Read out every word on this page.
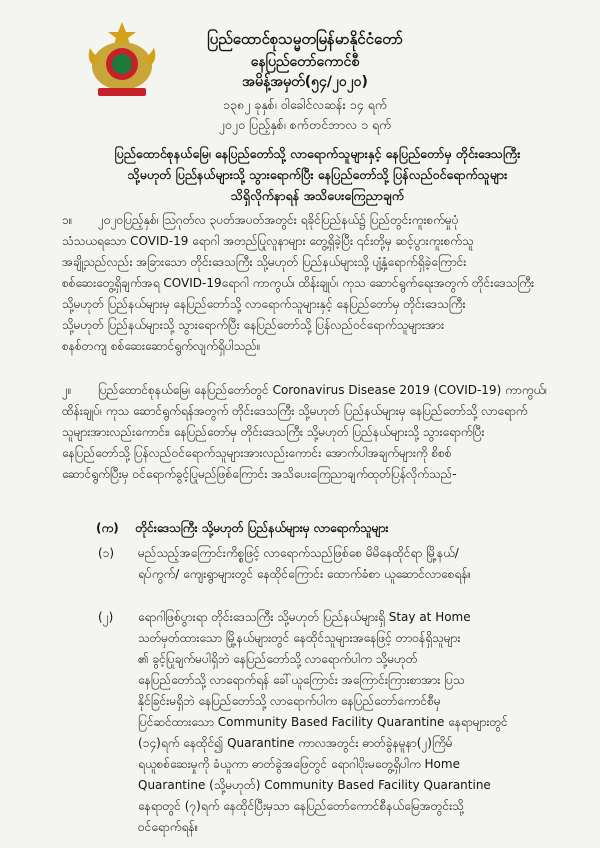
ပြည်ထောင်စုသမ္မတမြန်မာနိုင်ငံတော်
နေပြည်တော်ကောင်စီ
အမိန့်အမှတ်(၅၄/၂၀၂၀)
၁၃၈၂ ခုနှစ်၊ ဝါခေါင်လဆန်း ၁၄ ရက်
၂၀၂၀ ပြည့်နှစ်၊ စက်တင်ဘာလ ၁ ရက်
ပြည်ထောင်စုနယ်မြေ၊ နေပြည်တော်သို့ လာရောက်သူများနှင့် နေပြည်တော်မှ တိုင်းဒေသကြီး
သို့မဟုတ် ပြည်နယ်များသို့ သွားရောက်ပြီး နေပြည်တော်သို့ ပြန်လည်ဝင်ရောက်သူများ
သိရှိလိုက်နာရန် အသိပေးကြေညာချက်
၁။ ၂၀၂၀ပြည့်နှစ်၊ ဩဂုတ်လ ၃ပတ်အပတ်အတွင်း ရခိုင်ပြည်နယ်၌ ပြည်တွင်းကူးစက်မှုပုံ
သံသယရသော COVID-19 ရောဂါ အတည်ပြုလူနာများ တွေ့ရှိခဲ့ပြီး ၎င်းတို့မှ ဆင့်ပွားကူးစက်သူ
အချို့သည်လည်း အခြားသော တိုင်းဒေသကြီး သို့မဟုတ် ပြည်နယ်များသို့ ပျံ့နှံ့ရောက်ရှိခဲ့ကြောင်း
စစ်ဆေးတွေ့ရှိချက်အရ COVID-19ရောဂါ ကာကွယ်၊ ထိန်းချုပ်၊ ကုသ ဆောင်ရွက်ရေးအတွက် တိုင်းဒေသကြီး
သို့မဟုတ် ပြည်နယ်များမှ နေပြည်တော်သို့ လာရောက်သူများနှင့် နေပြည်တော်မှ တိုင်းဒေသကြီး
သို့မဟုတ် ပြည်နယ်များသို့ သွားရောက်ပြီး နေပြည်တော်သို့ ပြန်လည်ဝင်ရောက်သူများအား
စနစ်တကျ စစ်ဆေးဆောင်ရွက်လျက်ရှိပါသည်။
၂။ ပြည်ထောင်စုနယ်မြေ၊ နေပြည်တော်တွင် Coronavirus Disease 2019 (COVID-19) ကာကွယ်၊
ထိန်းချုပ်၊ ကုသ ဆောင်ရွက်ရန်အတွက် တိုင်းဒေသကြီး သို့မဟုတ် ပြည်နယ်များမှ နေပြည်တော်သို့ လာရောက်
သူများအားလည်းကောင်း၊ နေပြည်တော်မှ တိုင်းဒေသကြီး သို့မဟုတ် ပြည်နယ်များသို့ သွားရောက်ပြီး
နေပြည်တော်သို့ ပြန်လည်ဝင်ရောက်သူများအားလည်းကောင်း အောက်ပါအချက်များကို စိစစ်
ဆောင်ရွက်ပြီးမှ ဝင်ရောက်ခွင့်ပြုမည်ဖြစ်ကြောင်း အသိပေးကြေညာချက်ထုတ်ပြန်လိုက်သည်-
(က) တိုင်းဒေသကြီး သို့မဟုတ် ပြည်နယ်များမှ လာရောက်သူများ
(၁) မည်သည့်အကြောင်းကိစ္စဖြင့် လာရောက်သည်ဖြစ်စေ မိမိနေထိုင်ရာ မြို့နယ်/
ရပ်ကွက်/ ကျေးရွာများတွင် နေထိုင်ကြောင်း ထောက်ခံစာ ယူဆောင်လာစေရန်။
(၂) ရောဂါဖြစ်ပွားရာ တိုင်းဒေသကြီး သို့မဟုတ် ပြည်နယ်များရှိ Stay at Home
သတ်မှတ်ထားသော မြို့နယ်များတွင် နေထိုင်သူများအနေဖြင့် တာဝန်ရှိသူများ
၏ ခွင့်ပြုချက်မပါရှိဘဲ နေပြည်တော်သို့ လာရောက်ပါက သို့မဟုတ်
နေပြည်တော်သို့ လာရောက်ရန် ခေါ်ယူကြောင်း အကြောင်းကြားစာအား ပြသ
နိုင်ခြင်းမရှိဘဲ နေပြည်တော်သို့ လာရောက်ပါက နေပြည်တော်ကောင်စီမှ
ပြင်ဆင်ထားသော Community Based Facility Quarantine နေရာများတွင်
(၁၄)ရက် နေထိုင်၍ Quarantine ကာလအတွင်း ဓာတ်ခွဲနမူနာ(၂)ကြိမ်
ရယူစစ်ဆေးမှုကို ခံယူကာ ဓာတ်ခွဲအဖြေတွင် ရောဂါပိုးမတွေ့ရှိပါက Home
Quarantine (သို့မဟုတ်) Community Based Facility Quarantine
နေရာတွင် (၇)ရက် နေထိုင်ပြီးမှသာ နေပြည်တော်ကောင်စီနယ်မြေအတွင်းသို့
ဝင်ရောက်ရန်။
